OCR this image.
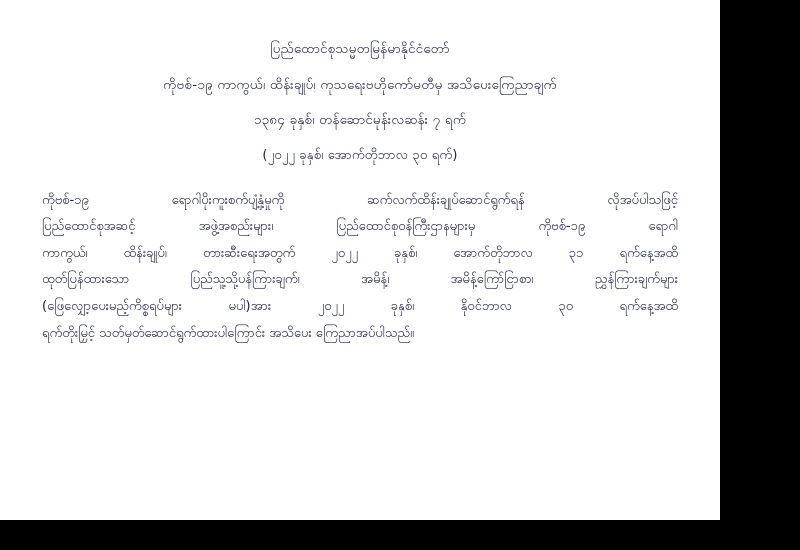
ပြည်ထောင်စုသမ္မတမြန်မာနိုင်ငံတော်
ကိုဗစ်-၁၉ ကာကွယ်၊ ထိန်းချုပ်၊ ကုသရေးဗဟိုကော်မတီမှ အသိပေးကြေညာချက်
၁၃၈၄ ခုနှစ်၊ တန်ဆောင်မုန်းလဆန်း ၇ ရက်
(၂၀၂၂ ခုနှစ်၊ အောက်တိုဘာလ ၃၀ ရက်)
ကိုဗစ်-၁၉ ရောဂါပိုးကူးစက်ပျံ့နှံ့မှုကို ဆက်လက်ထိန်းချုပ်ဆောင်ရွက်ရန် လိုအပ်ပါသဖြင့်
ပြည်ထောင်စုအဆင့် အဖွဲ့အစည်းများ၊ ပြည်ထောင်စုဝန်ကြီးဌာနများမှ ကိုဗစ်-၁၉ ရောဂါ
ကာကွယ်၊ ထိန်းချုပ်၊ တားဆီးရေးအတွက် ၂၀၂၂ ခုနှစ်၊ အောက်တိုဘာလ ၃၁ ရက်နေ့အထိ
ထုတ်ပြန်ထားသော ပြည်သူ့သို့ပန်ကြားချက်၊ အမိန့်၊ အမိန့်ကြော်ငြာစာ၊ ညွှန်ကြားချက်များ
(ဖြေလျှော့ပေးမည့်ကိစ္စရပ်များ မပါ)အား ၂၀၂၂ ခုနှစ်၊ နိုဝင်ဘာလ ၃၀ ရက်နေ့အထိ
ရက်တိုးမြှင့် သတ်မှတ်ဆောင်ရွက်ထားပါကြောင်း အသိပေး ကြေညာအပ်ပါသည်။
